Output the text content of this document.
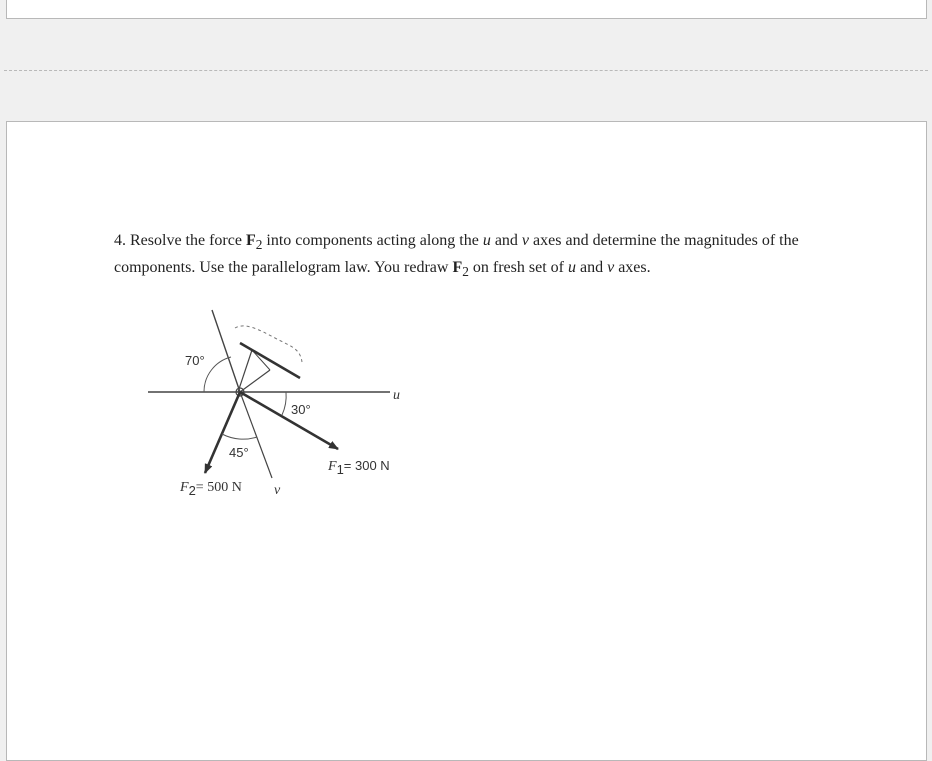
4. Resolve the force $F_2$ into components acting along the u and v axes and determine the magnitudes of the components. Use the parallelogram law. You redraw $F_2$ on fresh set of u and v axes.
70°
30°
45°
u
v
$F_1^{= 300 N}$
$F_2= 500$ N
